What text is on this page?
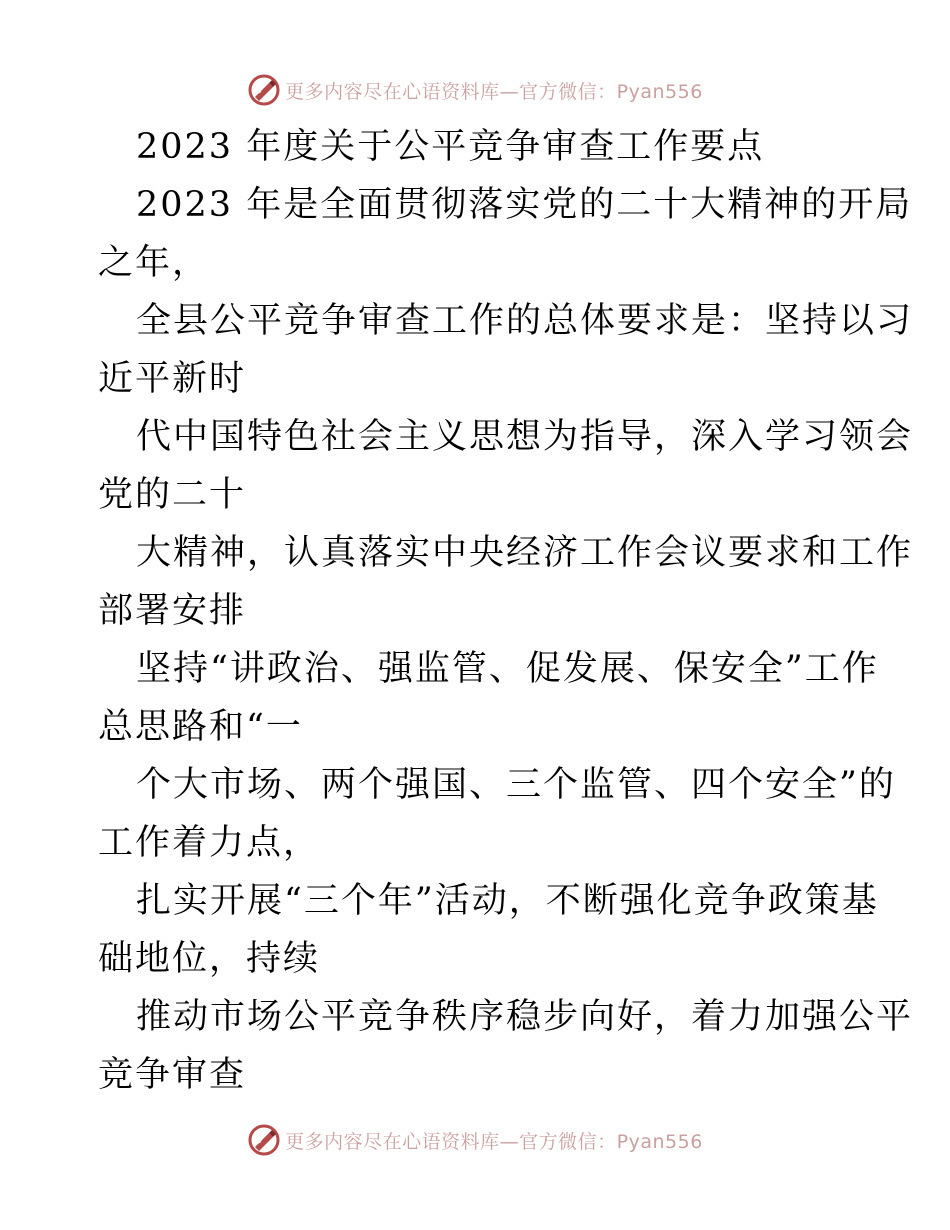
更多内容尽在心语资料库—官方微信：Pyan556
2023 年度关于公平竞争审查工作要点
2023 年是全面贯彻落实党的二十大精神的开局
之年，
全县公平竞争审查工作的总体要求是：坚持以习
近平新时
代中国特色社会主义思想为指导，深入学习领会
党的二十
大精神，认真落实中央经济工作会议要求和工作
部署安排
坚持“讲政治、强监管、促发展、保安全”工作
总思路和“一
个大市场、两个强国、三个监管、四个安全”的
工作着力点，
扎实开展“三个年”活动，不断强化竞争政策基
础地位，持续
推动市场公平竞争秩序稳步向好，着力加强公平
竞争审查
更多内容尽在心语资料库—官方微信：Pyan556
